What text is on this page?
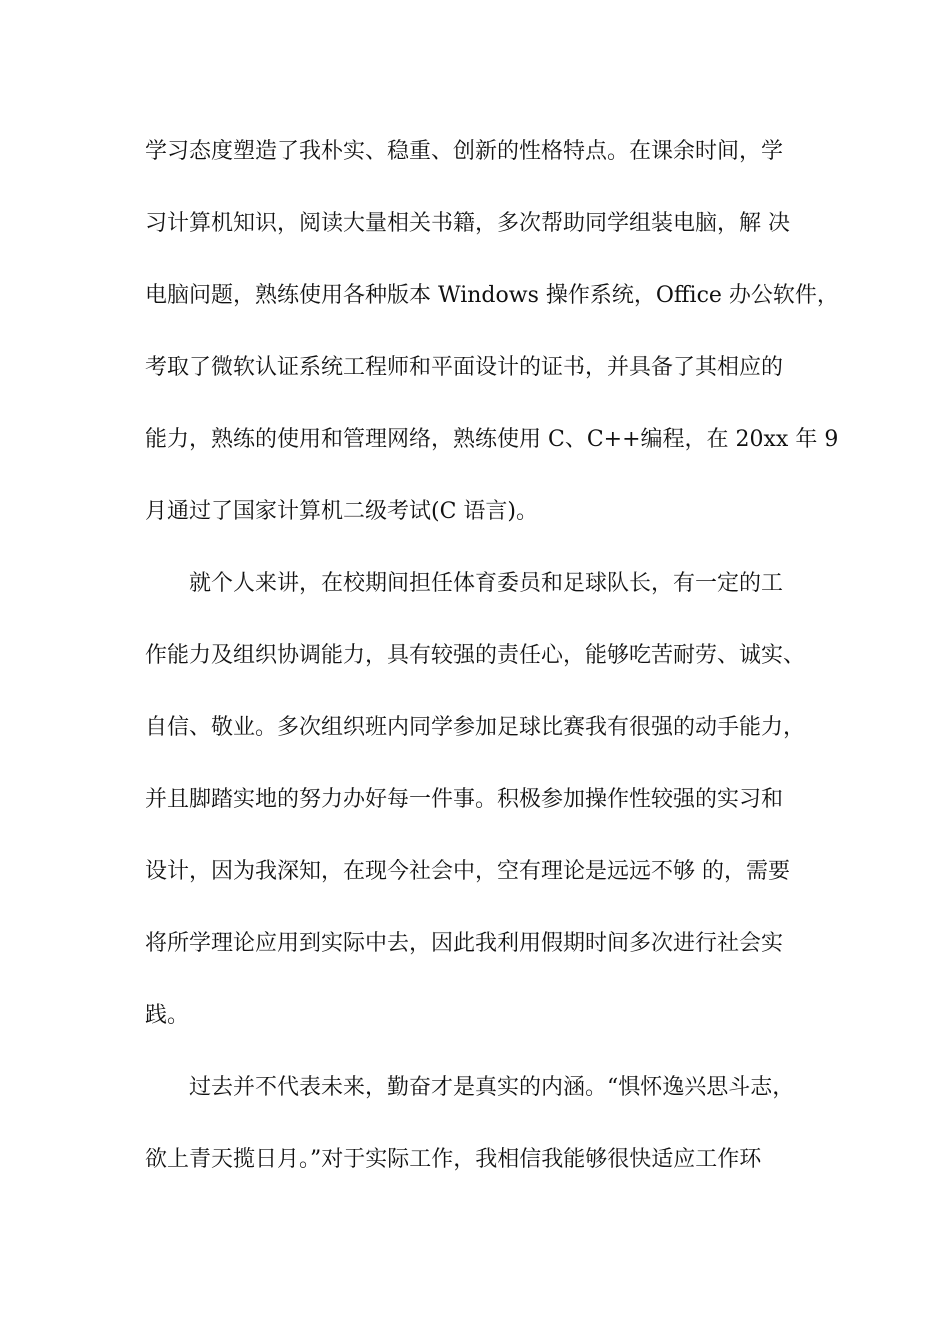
学习态度塑造了我朴实、稳重、创新的性格特点。在课余时间，学
习计算机知识，阅读大量相关书籍，多次帮助同学组装电脑，解 决
电脑问题，熟练使用各种版本 Windows 操作系统，Office 办公软件，
考取了微软认证系统工程师和平面设计的证书，并具备了其相应的
能力，熟练的使用和管理网络，熟练使用 C、C++编程，在 20xx 年 9
月通过了国家计算机二级考试(C 语言)。
就个人来讲，在校期间担任体育委员和足球队长，有一定的工
作能力及组织协调能力，具有较强的责任心，能够吃苦耐劳、诚实、
自信、敬业。多次组织班内同学参加足球比赛我有很强的动手能力，
并且脚踏实地的努力办好每一件事。积极参加操作性较强的实习和
设计，因为我深知，在现今社会中，空有理论是远远不够 的，需要
将所学理论应用到实际中去，因此我利用假期时间多次进行社会实
践。
过去并不代表未来，勤奋才是真实的内涵。“惧怀逸兴思斗志，
欲上青天揽日月。”对于实际工作，我相信我能够很快适应工作环
